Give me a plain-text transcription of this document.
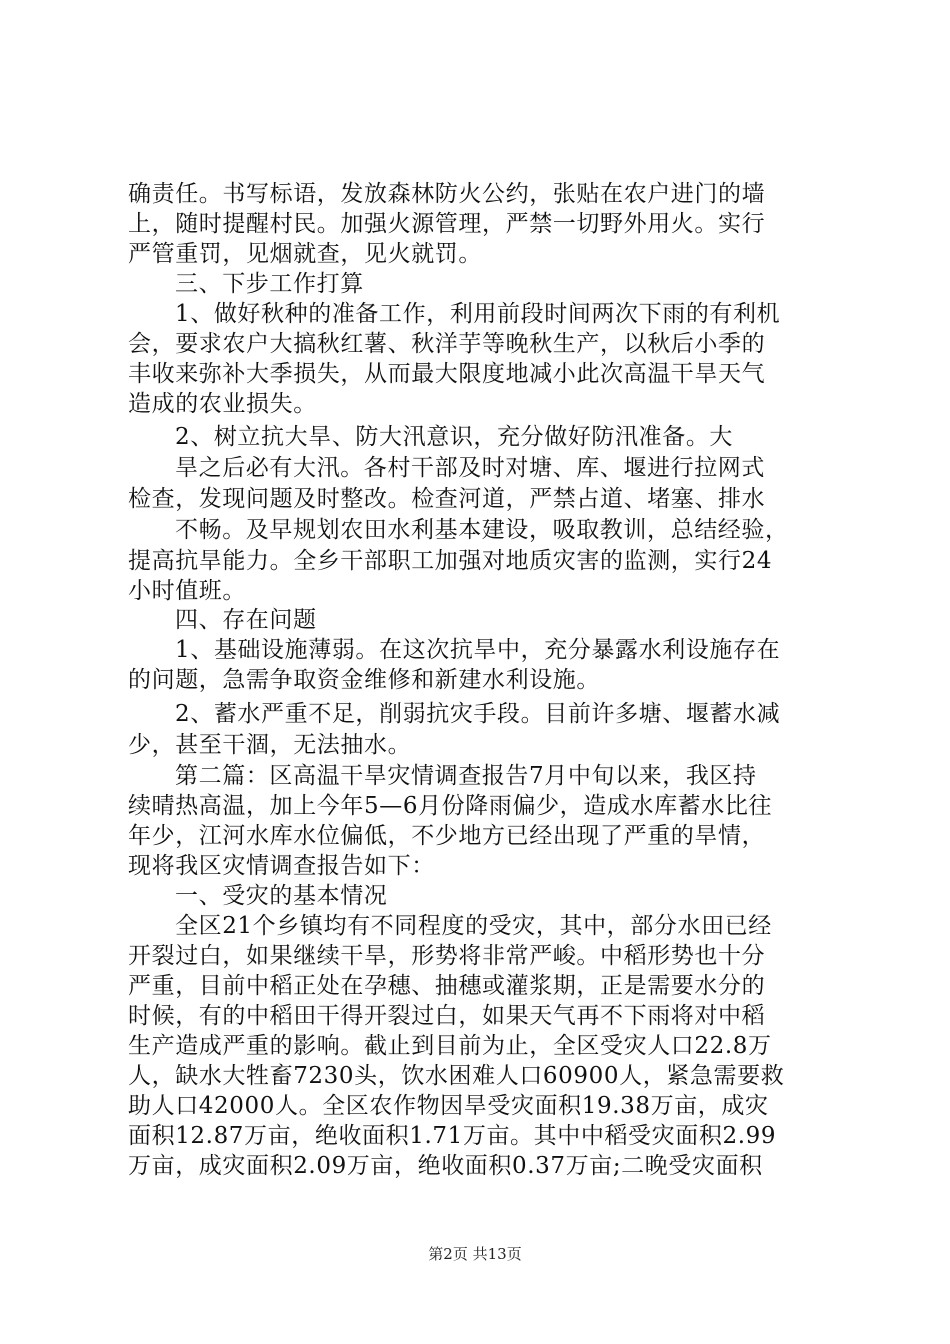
确责任。书写标语，发放森林防火公约，张贴在农户进门的墙
上，随时提醒村民。加强火源管理，严禁一切野外用火。实行
严管重罚，见烟就查，见火就罚。
三、下步工作打算
1、做好秋种的准备工作，利用前段时间两次下雨的有利机
会，要求农户大搞秋红薯、秋洋芋等晚秋生产，以秋后小季的
丰收来弥补大季损失，从而最大限度地减小此次高温干旱天气
造成的农业损失。
2、树立抗大旱、防大汛意识，充分做好防汛准备。大
旱之后必有大汛。各村干部及时对塘、库、堰进行拉网式
检查，发现问题及时整改。检查河道，严禁占道、堵塞、排水
不畅。及早规划农田水利基本建设，吸取教训，总结经验，
提高抗旱能力。全乡干部职工加强对地质灾害的监测，实行24
小时值班。
四、存在问题
1、基础设施薄弱。在这次抗旱中，充分暴露水利设施存在
的问题，急需争取资金维修和新建水利设施。
2、蓄水严重不足，削弱抗灾手段。目前许多塘、堰蓄水减
少，甚至干涸，无法抽水。
第二篇：区高温干旱灾情调查报告7月中旬以来，我区持
续晴热高温，加上今年5—6月份降雨偏少，造成水库蓄水比往
年少，江河水库水位偏低，不少地方已经出现了严重的旱情，
现将我区灾情调查报告如下：
一、受灾的基本情况
全区21个乡镇均有不同程度的受灾，其中，部分水田已经
开裂过白，如果继续干旱，形势将非常严峻。中稻形势也十分
严重，目前中稻正处在孕穗、抽穗或灌浆期，正是需要水分的
时候，有的中稻田干得开裂过白，如果天气再不下雨将对中稻
生产造成严重的影响。截止到目前为止，全区受灾人口22.8万
人，缺水大牲畜7230头，饮水困难人口60900人，紧急需要救
助人口42000人。全区农作物因旱受灾面积19.38万亩，成灾
面积12.87万亩，绝收面积1.71万亩。其中中稻受灾面积2.99
万亩，成灾面积2.09万亩，绝收面积0.37万亩;二晚受灾面积
第2页 共13页
